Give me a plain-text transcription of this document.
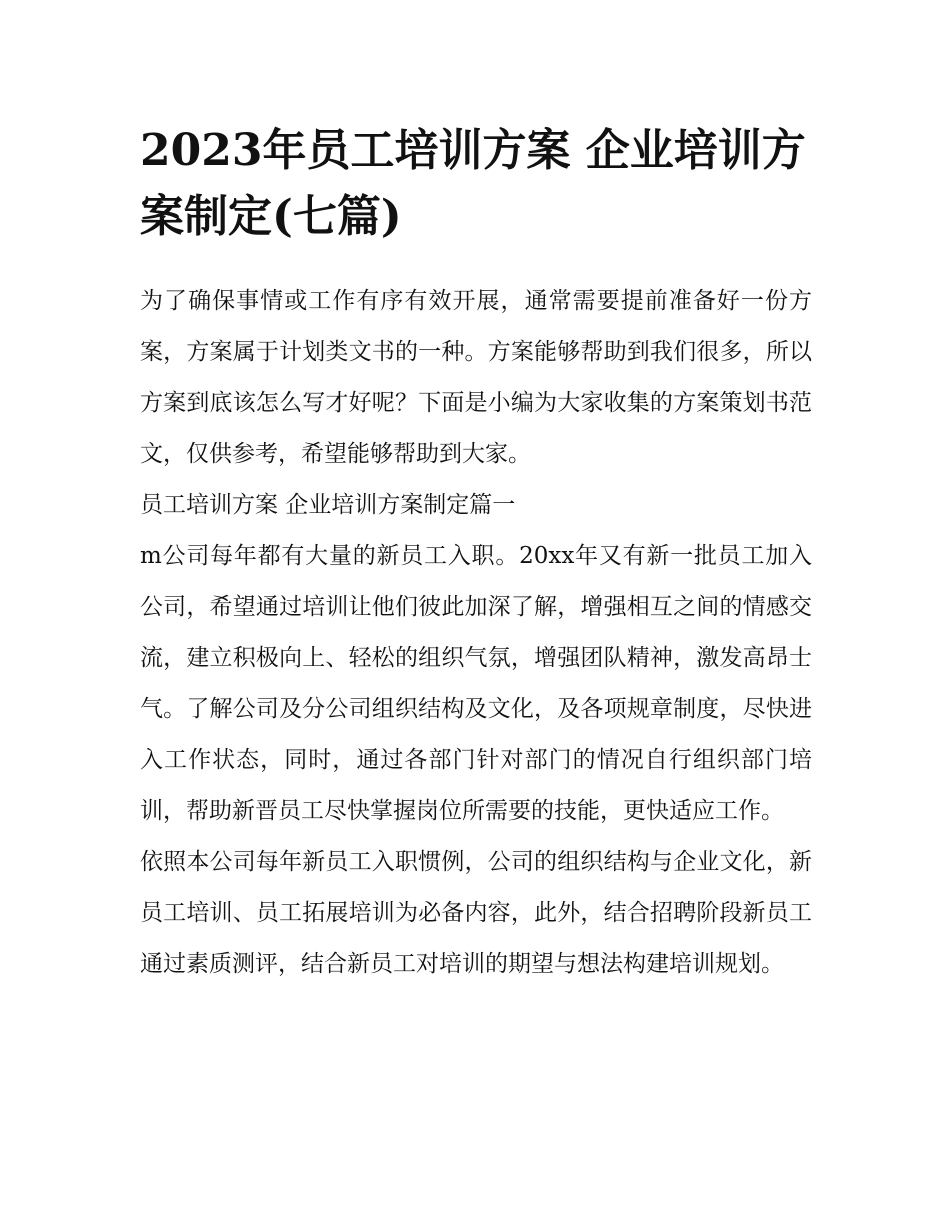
2023年员工培训方案 企业培训方案制定(七篇)

为了确保事情或工作有序有效开展，通常需要提前准备好一份方案，方案属于计划类文书的一种。方案能够帮助到我们很多，所以方案到底该怎么写才好呢？下面是小编为大家收集的方案策划书范文，仅供参考，希望能够帮助到大家。

员工培训方案 企业培训方案制定篇一

m公司每年都有大量的新员工入职。20xx年又有新一批员工加入公司，希望通过培训让他们彼此加深了解，增强相互之间的情感交流，建立积极向上、轻松的组织气氛，增强团队精神，激发高昂士气。了解公司及分公司组织结构及文化，及各项规章制度，尽快进入工作状态，同时，通过各部门针对部门的情况自行组织部门培训，帮助新晋员工尽快掌握岗位所需要的技能，更快适应工作。

依照本公司每年新员工入职惯例，公司的组织结构与企业文化，新员工培训、员工拓展培训为必备内容，此外，结合招聘阶段新员工通过素质测评，结合新员工对培训的期望与想法构建培训规划。
